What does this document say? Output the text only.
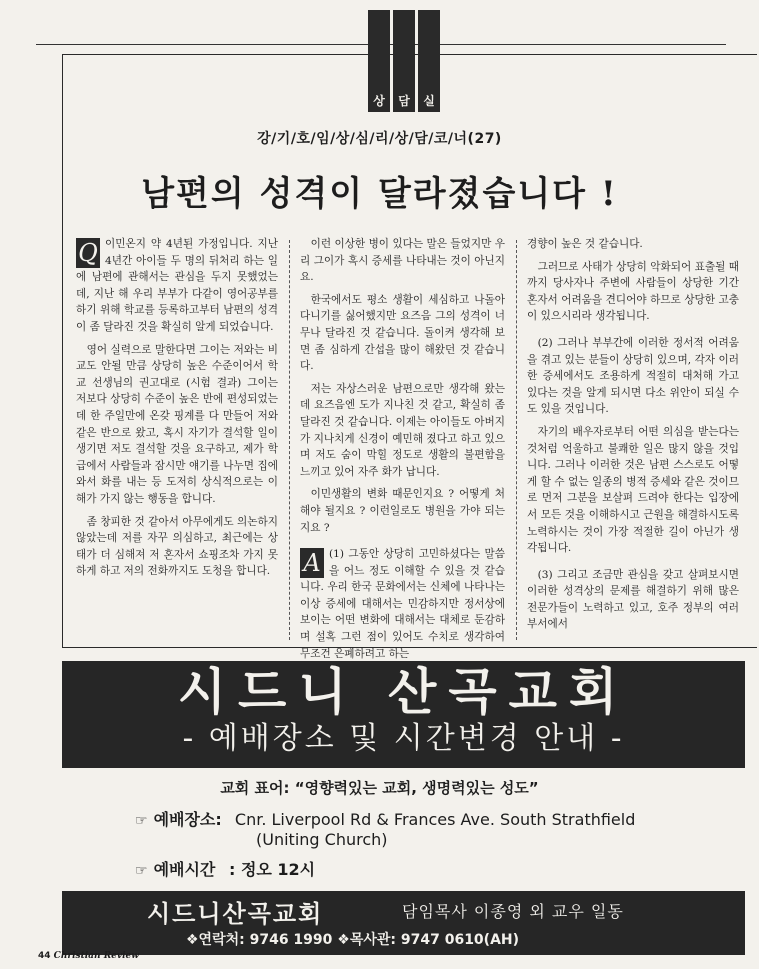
상	담	실
강/기/호/임/상/심/리/상/담/코/너(27)
남편의 성격이 달라졌습니다 !

Q 이민온지 약 4년된 가정입니다. 지난 4년간 아이들 두 명의 뒤처리 하는 일에 남편에 관해서는 관심을 두지 못했었는데, 지난 해 우리 부부가 다같이 영어공부를 하기 위해 학교를 등록하고부터 남편의 성격이 좀 달라진 것을 확실히 알게 되었습니다.

영어 실력으로 말한다면 그이는 저와는 비교도 안될 만큼 상당히 높은 수준이어서 학교 선생님의 권고대로 (시험 결과) 그이는 저보다 상당히 수준이 높은 반에 편성되었는데 한 주일만에 온갖 핑계를 다 만들어 저와 같은 반으로 왔고, 혹시 자기가 결석할 일이 생기면 저도 결석할 것을 요구하고, 제가 학급에서 사람들과 잠시만 얘기를 나누면 집에 와서 화를 내는 등 도저히 상식적으로는 이해가 가지 않는 행동을 합니다.

좀 창피한 것 같아서 아무에게도 의논하지 않았는데 저를 자꾸 의심하고, 최근에는 상태가 더 심해져 저 혼자서 쇼핑조차 가지 못하게 하고 저의 전화까지도 도청을 합니다.

이런 이상한 병이 있다는 말은 들었지만 우리 그이가 혹시 증세를 나타내는 것이 아닌지요.

한국에서도 평소 생활이 세심하고 나돌아다니기를 싫어했지만 요즈음 그의 성격이 너무나 달라진 것 같습니다. 돌이켜 생각해 보면 좀 심하게 간섭을 많이 해왔던 것 같습니다.

저는 자상스러운 남편으로만 생각해 왔는데 요즈음엔 도가 지나친 것 같고, 확실히 좀 달라진 것 같습니다. 이제는 아이들도 아버지가 지나치게 신경이 예민해 졌다고 하고 있으며 저도 숨이 막힐 정도로 생활의 불편함을 느끼고 있어 자주 화가 납니다.

이민생활의 변화 때문인지요 ? 어떻게 처해야 될지요 ? 이런일로도 병원을 가야 되는지요 ?

A (1) 그동안 상당히 고민하셨다는 말씀을 어느 정도 이해할 수 있을 것 같습니다. 우리 한국 문화에서는 신체에 나타나는 이상 증세에 대해서는 민감하지만 정서상에 보이는 어떤 변화에 대해서는 대체로 둔감하며 설혹 그런 점이 있어도 수치로 생각하여 무조건 은폐하려고 하는

경향이 높은 것 같습니다.

그러므로 사태가 상당히 악화되어 표출될 때까지 당사자나 주변에 사람들이 상당한 기간 혼자서 어려움을 견디어야 하므로 상당한 고충이 있으시리라 생각됩니다.

(2) 그러나 부부간에 이러한 정서적 어려움을 겪고 있는 분들이 상당히 있으며, 각자 이러한 증세에서도 조용하게 적절히 대처해 가고 있다는 것을 알게 되시면 다소 위안이 되실 수도 있을 것입니다.

자기의 배우자로부터 어떤 의심을 받는다는 것처럼 억울하고 불쾌한 일은 많지 않을 것입니다. 그러나 이러한 것은 남편 스스로도 어떻게 할 수 없는 일종의 병적 증세와 같은 것이므로 먼저 그분을 보살펴 드려야 한다는 입장에서 모든 것을 이해하시고 근원을 해결하시도록 노력하시는 것이 가장 적절한 길이 아닌가 생각됩니다.

(3) 그리고 조금만 관심을 갖고 살펴보시면 이러한 성격상의 문제를 해결하기 위해 많은 전문가들이 노력하고 있고, 호주 정부의 여러 부서에서

시드니 산곡교회
- 예배장소 및 시간변경 안내 -
교회 표어: “영향력있는 교회, 생명력있는 성도”
☞ 예배장소: Cnr. Liverpool Rd & Frances Ave. South Strathfield
(Uniting Church)
☞ 예배시간 : 정오 12시
시드니산곡교회	담임목사 이종영 외 교우 일동
❖연락처: 9746 1990 ❖목사관: 9747 0610(AH)
44 Christian Review
